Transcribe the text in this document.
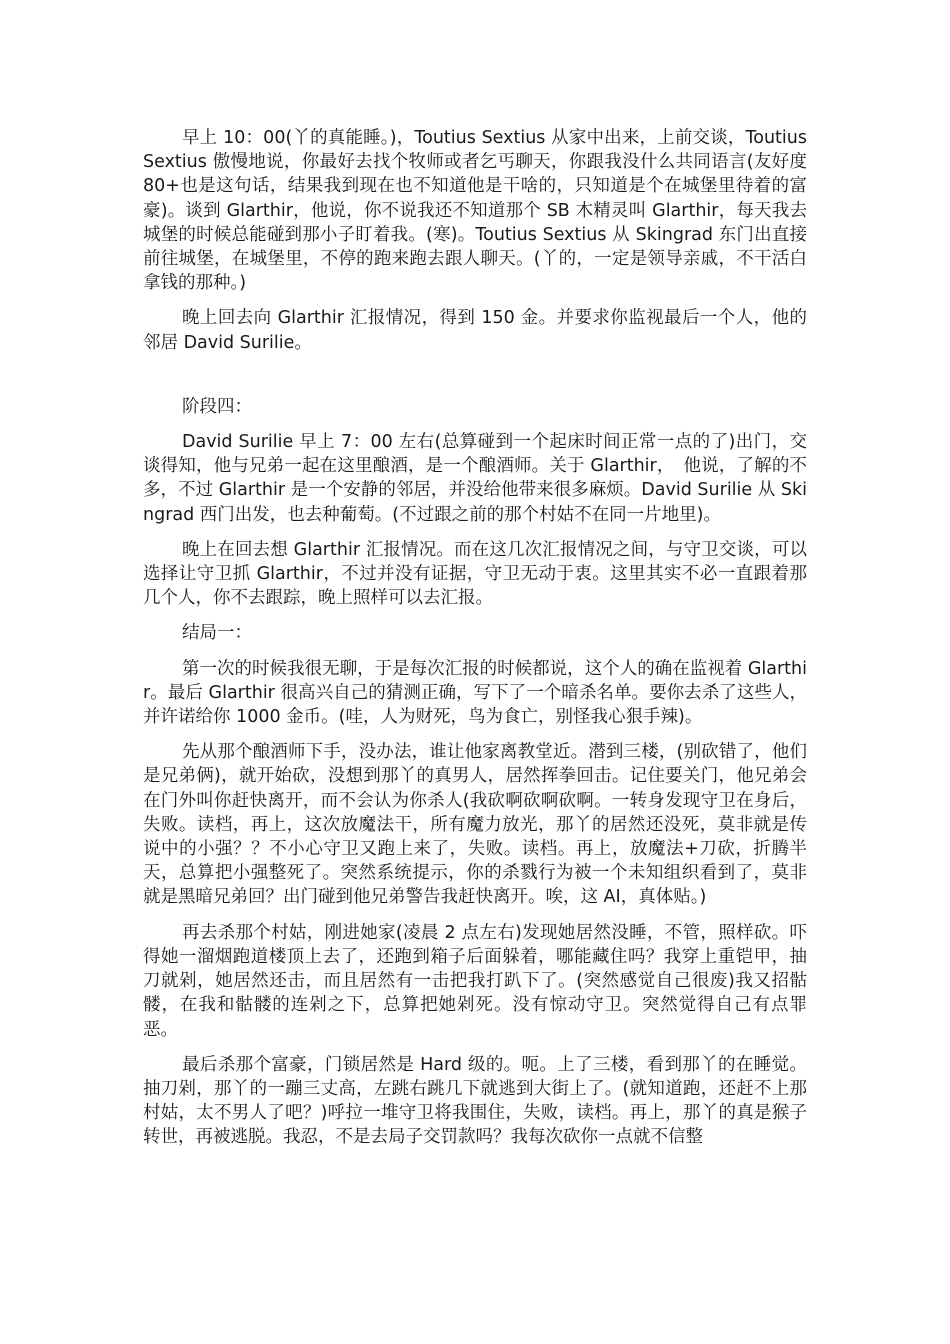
早上 10：00(丫的真能睡。)，Toutius Sextius 从家中出来，上前交谈，Toutius Sextius 傲慢地说，你最好去找个牧师或者乞丐聊天，你跟我没什么共同语言(友好度 80+也是这句话，结果我到现在也不知道他是干啥的，只知道是个在城堡里待着的富豪)。谈到 Glarthir，他说，你不说我还不知道那个 SB 木精灵叫 Glarthir，每天我去城堡的时候总能碰到那小子盯着我。(寒)。Toutius Sextius 从 Skingrad 东门出直接前往城堡，在城堡里，不停的跑来跑去跟人聊天。(丫的，一定是领导亲戚，不干活白拿钱的那种。)

晚上回去向 Glarthir 汇报情况，得到 150 金。并要求你监视最后一个人，他的邻居 David Surilie。

阶段四：

David Surilie 早上 7：00 左右(总算碰到一个起床时间正常一点的了)出门，交谈得知，他与兄弟一起在这里酿酒，是一个酿酒师。关于 Glarthir，　他说，了解的不多，不过 Glarthir 是一个安静的邻居，并没给他带来很多麻烦。David Surilie 从 Skingrad 西门出发，也去种葡萄。(不过跟之前的那个村姑不在同一片地里)。

晚上在回去想 Glarthir 汇报情况。而在这几次汇报情况之间，与守卫交谈，可以选择让守卫抓 Glarthir，不过并没有证据，守卫无动于衷。这里其实不必一直跟着那几个人，你不去跟踪，晚上照样可以去汇报。

结局一：

第一次的时候我很无聊，于是每次汇报的时候都说，这个人的确在监视着 Glarthir。最后 Glarthir 很高兴自己的猜测正确，写下了一个暗杀名单。要你去杀了这些人，并许诺给你 1000 金币。(哇，人为财死，鸟为食亡，别怪我心狠手辣)。

先从那个酿酒师下手，没办法，谁让他家离教堂近。潜到三楼，(别砍错了，他们是兄弟俩)，就开始砍，没想到那丫的真男人，居然挥拳回击。记住要关门，他兄弟会在门外叫你赶快离开，而不会认为你杀人(我砍啊砍啊砍啊。一转身发现守卫在身后，失败。读档，再上，这次放魔法干，所有魔力放光，那丫的居然还没死，莫非就是传说中的小强？？不小心守卫又跑上来了，失败。读档。再上，放魔法+刀砍，折腾半天，总算把小强整死了。突然系统提示，你的杀戮行为被一个未知组织看到了，莫非就是黑暗兄弟回？出门碰到他兄弟警告我赶快离开。唉，这 AI，真体贴。)

再去杀那个村姑，刚进她家(凌晨 2 点左右)发现她居然没睡，不管，照样砍。吓得她一溜烟跑道楼顶上去了，还跑到箱子后面躲着，哪能藏住吗？我穿上重铠甲，抽刀就剁，她居然还击，而且居然有一击把我打趴下了。(突然感觉自己很废)我又招骷髅，在我和骷髅的连剁之下，总算把她剁死。没有惊动守卫。突然觉得自己有点罪恶。

最后杀那个富豪，门锁居然是 Hard 级的。呃。上了三楼，看到那丫的在睡觉。抽刀剁，那丫的一蹦三丈高，左跳右跳几下就逃到大街上了。(就知道跑，还赶不上那村姑，太不男人了吧？)呼拉一堆守卫将我围住，失败，读档。再上，那丫的真是猴子转世，再被逃脱。我忍，不是去局子交罚款吗？我每次砍你一点就不信整
